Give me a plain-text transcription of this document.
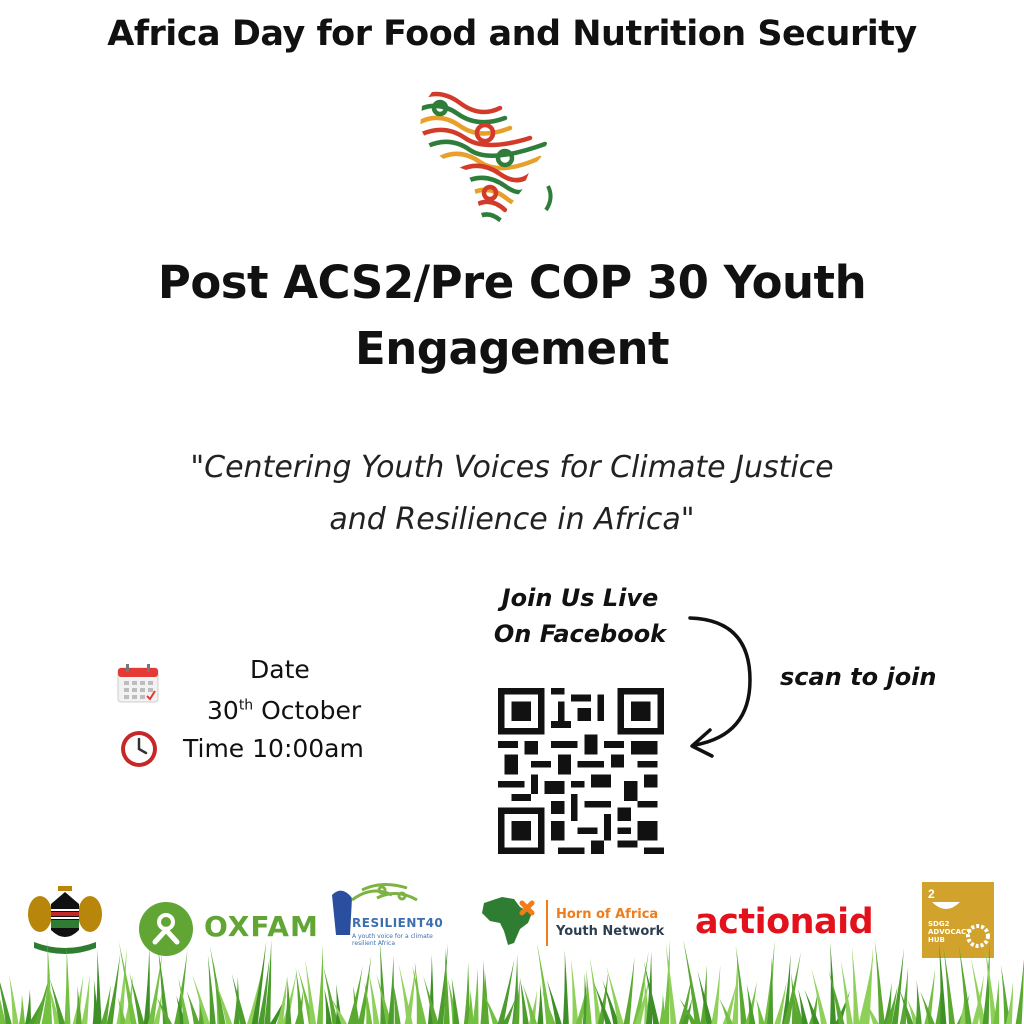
Africa Day for Food and Nutrition Security
Post ACS2/Pre COP 30 Youth
Engagement
"Centering Youth Voices for Climate Justice
and Resilience in Africa"
Join Us Live
On Facebook
scan to join
Date
30th October
Time 10:00am
OXFAM	RESILIENT40
A youth voice for a climate resilient Africa
Horn of Africa
Youth Network actionaid
2
SDG2
ADVOCACY
HUB
